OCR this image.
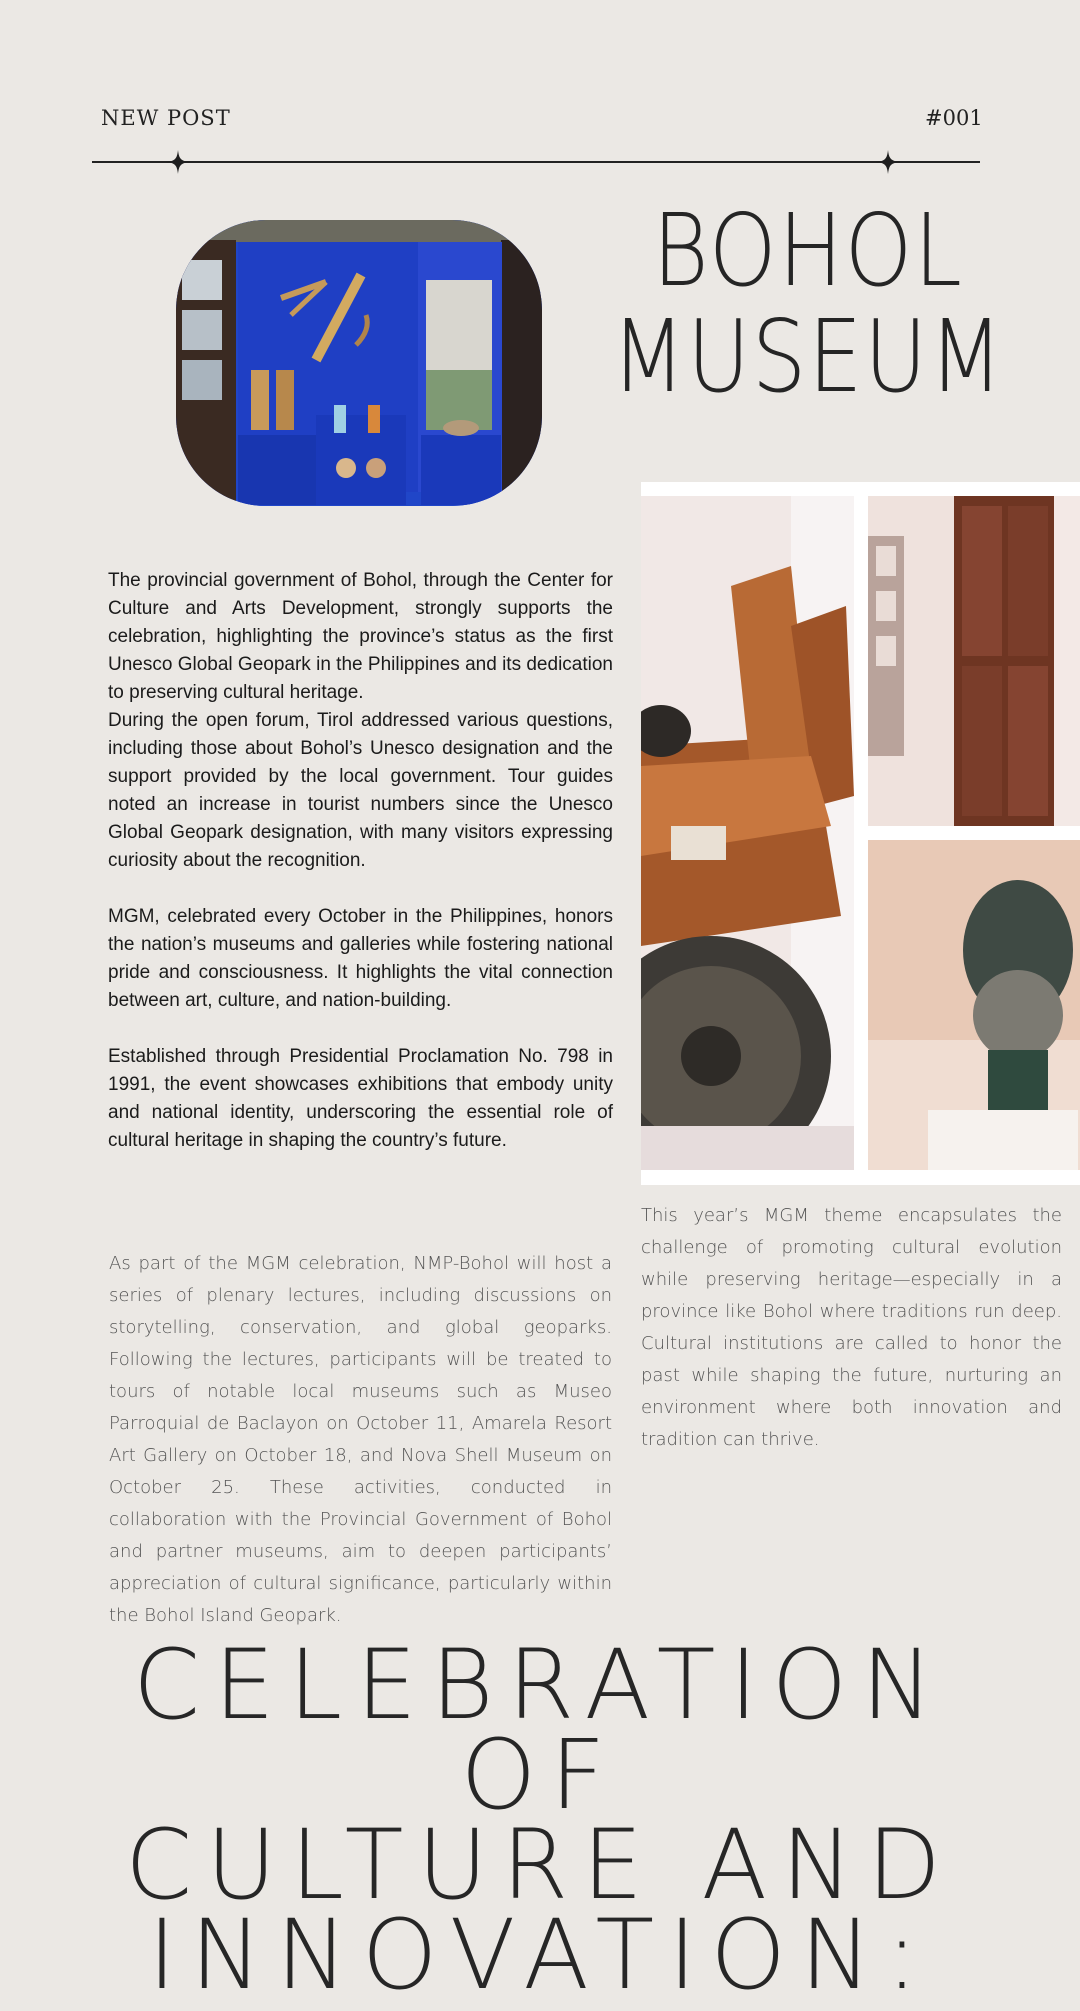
NEW POST	#001
BOHOL
MUSEUM

The provincial government of Bohol, through the Center for Culture and Arts Development, strongly supports the celebration, highlighting the province’s status as the first Unesco Global Geopark in the Philippines and its dedication to preserving cultural heritage.

During the open forum, Tirol addressed various questions, including those about Bohol’s Unesco designation and the support provided by the local government. Tour guides noted an increase in tourist numbers since the Unesco Global Geopark designation, with many visitors expressing curiosity about the recognition.

MGM, celebrated every October in the Philippines, honors the nation’s museums and galleries while fostering national pride and consciousness. It highlights the vital connection between art, culture, and nation-building.

Established through Presidential Proclamation No. 798 in 1991, the event showcases exhibitions that embody unity and national identity, underscoring the essential role of cultural heritage in shaping the country’s future.

As part of the MGM celebration, NMP-Bohol will host a series of plenary lectures, including discussions on storytelling, conservation, and global geoparks. Following the lectures, participants will be treated to tours of notable local museums such as Museo Parroquial de Baclayon on October 11, Amarela Resort Art Gallery on October 18, and Nova Shell Museum on October 25. These activities, conducted in collaboration with the Provincial Government of Bohol and partner museums, aim to deepen participants’ appreciation of cultural significance, particularly within the Bohol Island Geopark.

This year’s MGM theme encapsulates the challenge of promoting cultural evolution while preserving heritage—especially in a province like Bohol where traditions run deep. Cultural institutions are called to honor the past while shaping the future, nurturing an environment where both innovation and tradition can thrive.

CELEBRATION OF
CULTURE AND
INNOVATION:
